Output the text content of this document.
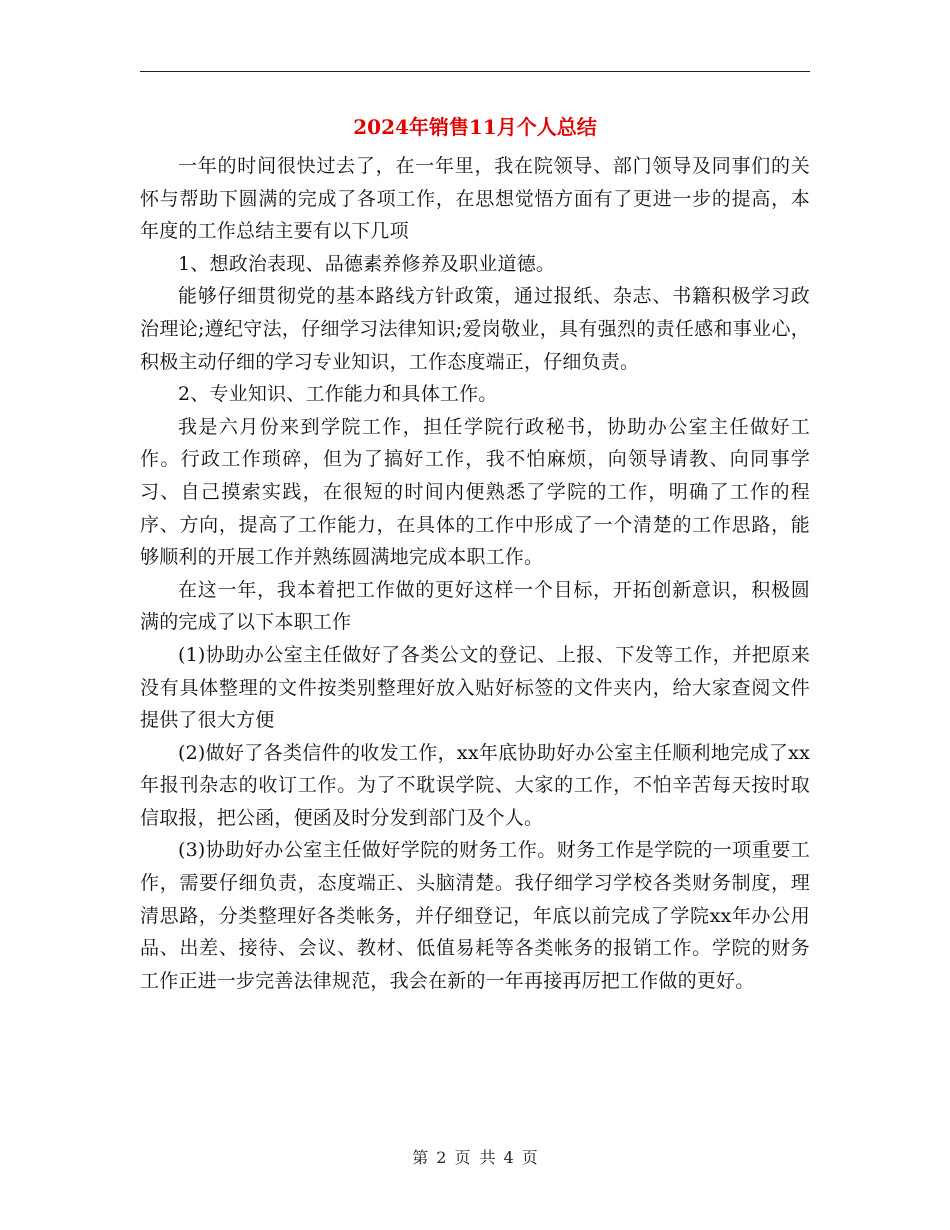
2024年销售11月个人总结

一年的时间很快过去了，在一年里，我在院领导、部门领导及同事们的关怀与帮助下圆满的完成了各项工作，在思想觉悟方面有了更进一步的提高，本年度的工作总结主要有以下几项

1、想政治表现、品德素养修养及职业道德。

能够仔细贯彻党的基本路线方针政策，通过报纸、杂志、书籍积极学习政治理论;遵纪守法，仔细学习法律知识;爱岗敬业，具有强烈的责任感和事业心，积极主动仔细的学习专业知识，工作态度端正，仔细负责。

2、专业知识、工作能力和具体工作。

我是六月份来到学院工作，担任学院行政秘书，协助办公室主任做好工作。行政工作琐碎，但为了搞好工作，我不怕麻烦，向领导请教、向同事学习、自己摸索实践，在很短的时间内便熟悉了学院的工作，明确了工作的程序、方向，提高了工作能力，在具体的工作中形成了一个清楚的工作思路，能够顺利的开展工作并熟练圆满地完成本职工作。

在这一年，我本着把工作做的更好这样一个目标，开拓创新意识，积极圆满的完成了以下本职工作

(1)协助办公室主任做好了各类公文的登记、上报、下发等工作，并把原来没有具体整理的文件按类别整理好放入贴好标签的文件夹内，给大家查阅文件提供了很大方便

(2)做好了各类信件的收发工作，xx年底协助好办公室主任顺利地完成了xx年报刊杂志的收订工作。为了不耽误学院、大家的工作，不怕辛苦每天按时取信取报，把公函，便函及时分发到部门及个人。

(3)协助好办公室主任做好学院的财务工作。财务工作是学院的一项重要工作，需要仔细负责，态度端正、头脑清楚。我仔细学习学校各类财务制度，理清思路，分类整理好各类帐务，并仔细登记，年底以前完成了学院xx年办公用品、出差、接待、会议、教材、低值易耗等各类帐务的报销工作。学院的财务工作正进一步完善法律规范，我会在新的一年再接再厉把工作做的更好。

第 2 页 共 4 页
